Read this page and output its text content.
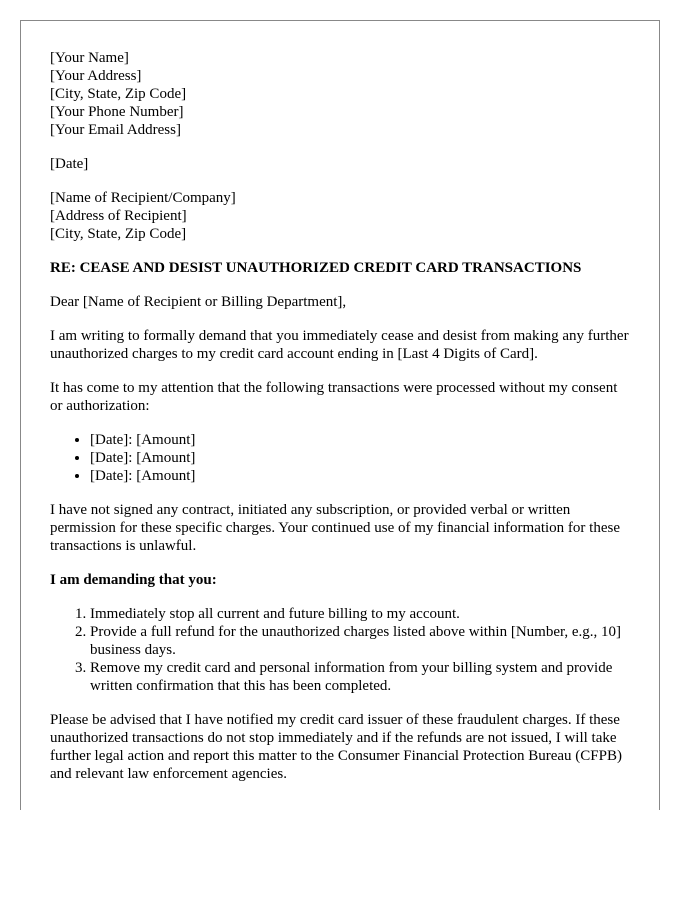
[Your Name]
[Your Address]
[City, State, Zip Code]
[Your Phone Number]
[Your Email Address]
[Date]
[Name of Recipient/Company]
[Address of Recipient]
[City, State, Zip Code]
RE: CEASE AND DESIST UNAUTHORIZED CREDIT CARD TRANSACTIONS

Dear [Name of Recipient or Billing Department],

I am writing to formally demand that you immediately cease and desist from making any further unauthorized charges to my credit card account ending in [Last 4 Digits of Card].

It has come to my attention that the following transactions were processed without my consent or authorization:

• [Date]: [Amount]
• [Date]: [Amount]
• [Date]: [Amount]

I have not signed any contract, initiated any subscription, or provided verbal or written permission for these specific charges. Your continued use of my financial information for these transactions is unlawful.

I am demanding that you:
1. Immediately stop all current and future billing to my account.
2. Provide a full refund for the unauthorized charges listed above within [Number, e.g., 10] business days.
3. Remove my credit card and personal information from your billing system and provide written confirmation that this has been completed.

Please be advised that I have notified my credit card issuer of these fraudulent charges. If these unauthorized transactions do not stop immediately and if the refunds are not issued, I will take further legal action and report this matter to the Consumer Financial Protection Bureau (CFPB) and relevant law enforcement agencies.
